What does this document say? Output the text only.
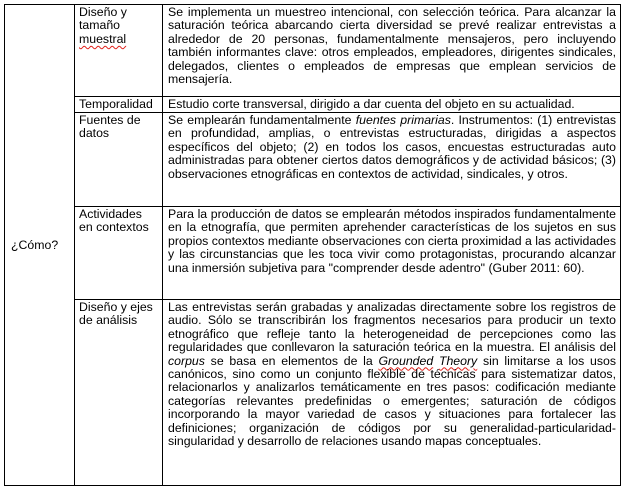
¿Cómo?	Diseño y tamaño muestral	Se implementa un muestreo intencional, con selección teórica. Para alcanzar la saturación teórica abarcando cierta diversidad se prevé realizar entrevistas a alrededor de 20 personas, fundamentalmente mensajeros, pero incluyendo también informantes clave: otros empleados, empleadores, dirigentes sindicales, delegados, clientes o empleados de empresas que emplean servicios de mensajería.
	Temporalidad	Estudio corte transversal, dirigido a dar cuenta del objeto en su actualidad.
	Fuentes de datos	Se emplearán fundamentalmente fuentes primarias. Instrumentos: (1) entrevistas en profundidad, amplias, o entrevistas estructuradas, dirigidas a aspectos específicos del objeto; (2) en todos los casos, encuestas estructuradas auto administradas para obtener ciertos datos demográficos y de actividad básicos; (3) observaciones etnográficas en contextos de actividad, sindicales, y otros.
	Actividades en contextos	Para la producción de datos se emplearán métodos inspirados fundamentalmente en la etnografía, que permiten aprehender características de los sujetos en sus propios contextos mediante observaciones con cierta proximidad a las actividades y las circunstancias que les toca vivir como protagonistas, procurando alcanzar una inmersión subjetiva para "comprender desde adentro" (Guber 2011: 60).
	Diseño y ejes de análisis	Las entrevistas serán grabadas y analizadas directamente sobre los registros de audio. Sólo se transcribirán los fragmentos necesarios para producir un texto etnográfico que refleje tanto la heterogeneidad de percepciones como las regularidades que conllevaron la saturación teórica en la muestra. El análisis del corpus se basa en elementos de la Grounded Theory sin limitarse a los usos canónicos, sino como un conjunto flexible de técnicas para sistematizar datos, relacionarlos y analizarlos temáticamente en tres pasos: codificación mediante categorías relevantes predefinidas o emergentes; saturación de códigos incorporando la mayor variedad de casos y situaciones para fortalecer las definiciones; organización de códigos por su generalidad-particularidad-singularidad y desarrollo de relaciones usando mapas conceptuales.
